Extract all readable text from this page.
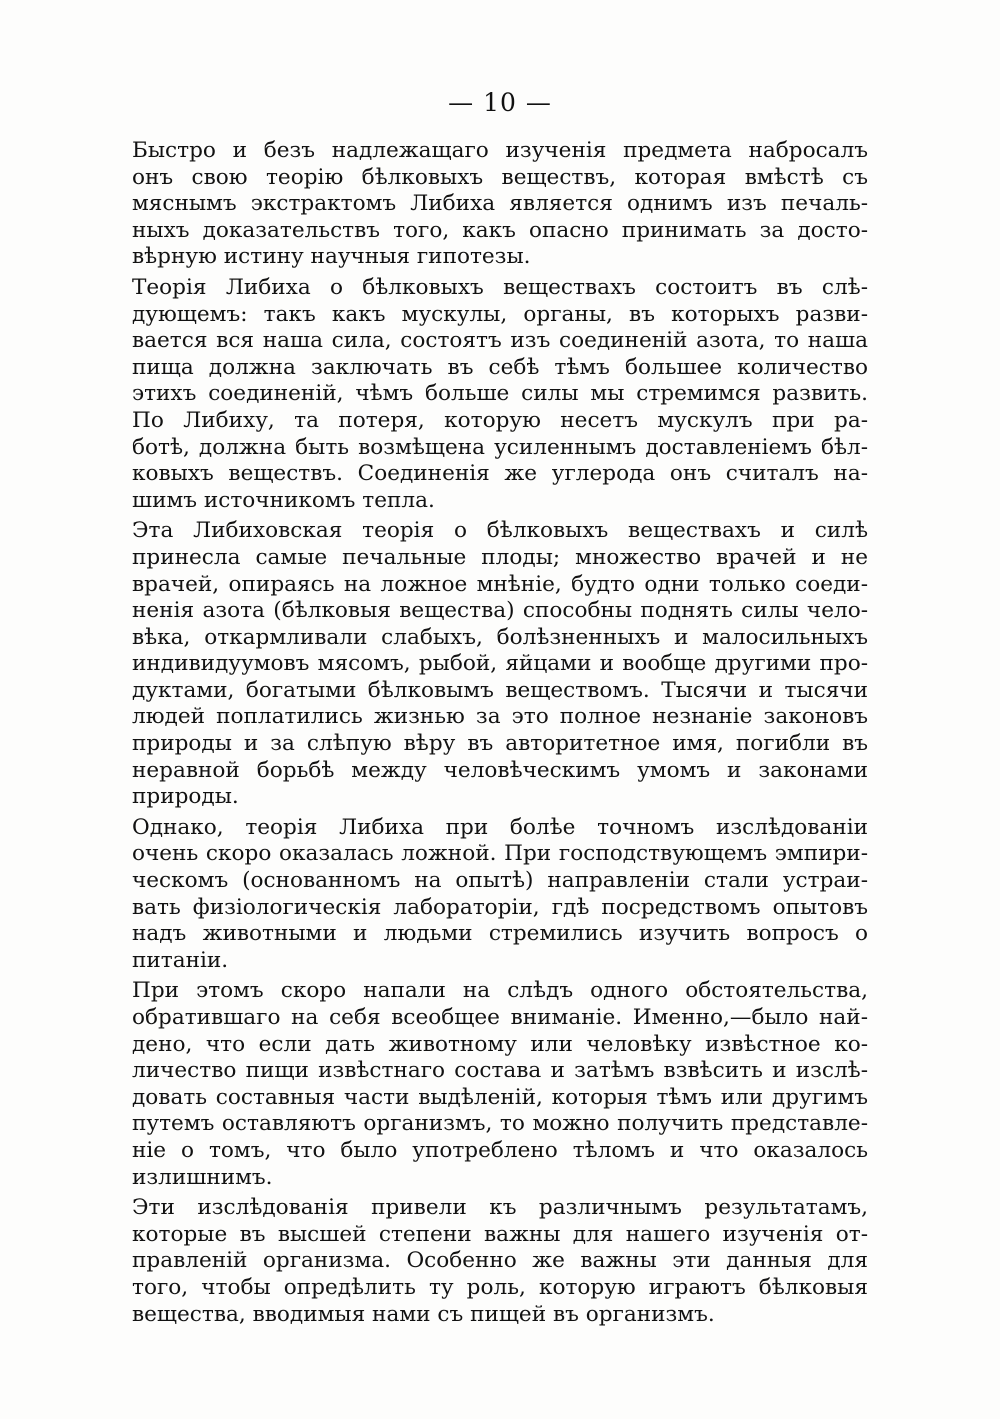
— 10 —

Быстро и безъ надлежащаго изученія предмета набросалъ
онъ свою теорію бѣлковыхъ веществъ, которая вмѣстѣ съ
мяснымъ экстрактомъ Либиха является однимъ изъ печаль-
ныхъ доказательствъ того, какъ опасно принимать за досто-
вѣрную истину научныя гипотезы.

Теорія Либиха о бѣлковыхъ веществахъ состоитъ въ слѣ-
дующемъ: такъ какъ мускулы, органы, въ которыхъ разви-
вается вся наша сила, состоятъ изъ соединеній азота, то наша
пища должна заключать въ себѣ тѣмъ большее количество
этихъ соединеній, чѣмъ больше силы мы стремимся развить.
По Либиху, та потеря, которую несетъ мускулъ при ра-
ботѣ, должна быть возмѣщена усиленнымъ доставленіемъ бѣл-
ковыхъ веществъ. Соединенія же углерода онъ считалъ на-
шимъ источникомъ тепла.

Эта Либиховская теорія о бѣлковыхъ веществахъ и силѣ
принесла самые печальные плоды; множество врачей и не
врачей, опираясь на ложное мнѣніе, будто одни только соеди-
ненія азота (бѣлковыя вещества) способны поднять силы чело-
вѣка, откармливали слабыхъ, болѣзненныхъ и малосильныхъ
индивидуумовъ мясомъ, рыбой, яйцами и вообще другими про-
дуктами, богатыми бѣлковымъ веществомъ. Тысячи и тысячи
людей поплатились жизнью за это полное незнаніе законовъ
природы и за слѣпую вѣру въ авторитетное имя, погибли въ
неравной борьбѣ между человѣческимъ умомъ и законами
природы.

Однако, теорія Либиха при болѣе точномъ изслѣдованіи
очень скоро оказалась ложной. При господствующемъ эмпири-
ческомъ (основанномъ на опытѣ) направленіи стали устраи-
вать физіологическія лабораторіи, гдѣ посредствомъ опытовъ
надъ животными и людьми стремились изучить вопросъ о
питаніи.

При этомъ скоро напали на слѣдъ одного обстоятельства,
обратившаго на себя всеобщее вниманіе. Именно,—было най-
дено, что если дать животному или человѣку извѣстное ко-
личество пищи извѣстнаго состава и затѣмъ взвѣсить и изслѣ-
довать составныя части выдѣленій, которыя тѣмъ или другимъ
путемъ оставляютъ организмъ, то можно получить представле-
ніе о томъ, что было употреблено тѣломъ и что оказалось
излишнимъ.

Эти изслѣдованія привели къ различнымъ результатамъ,
которые въ высшей степени важны для нашего изученія от-
правленій организма. Особенно же важны эти данныя для
того, чтобы опредѣлить ту роль, которую играютъ бѣлковыя
вещества, вводимыя нами съ пищей въ организмъ.
